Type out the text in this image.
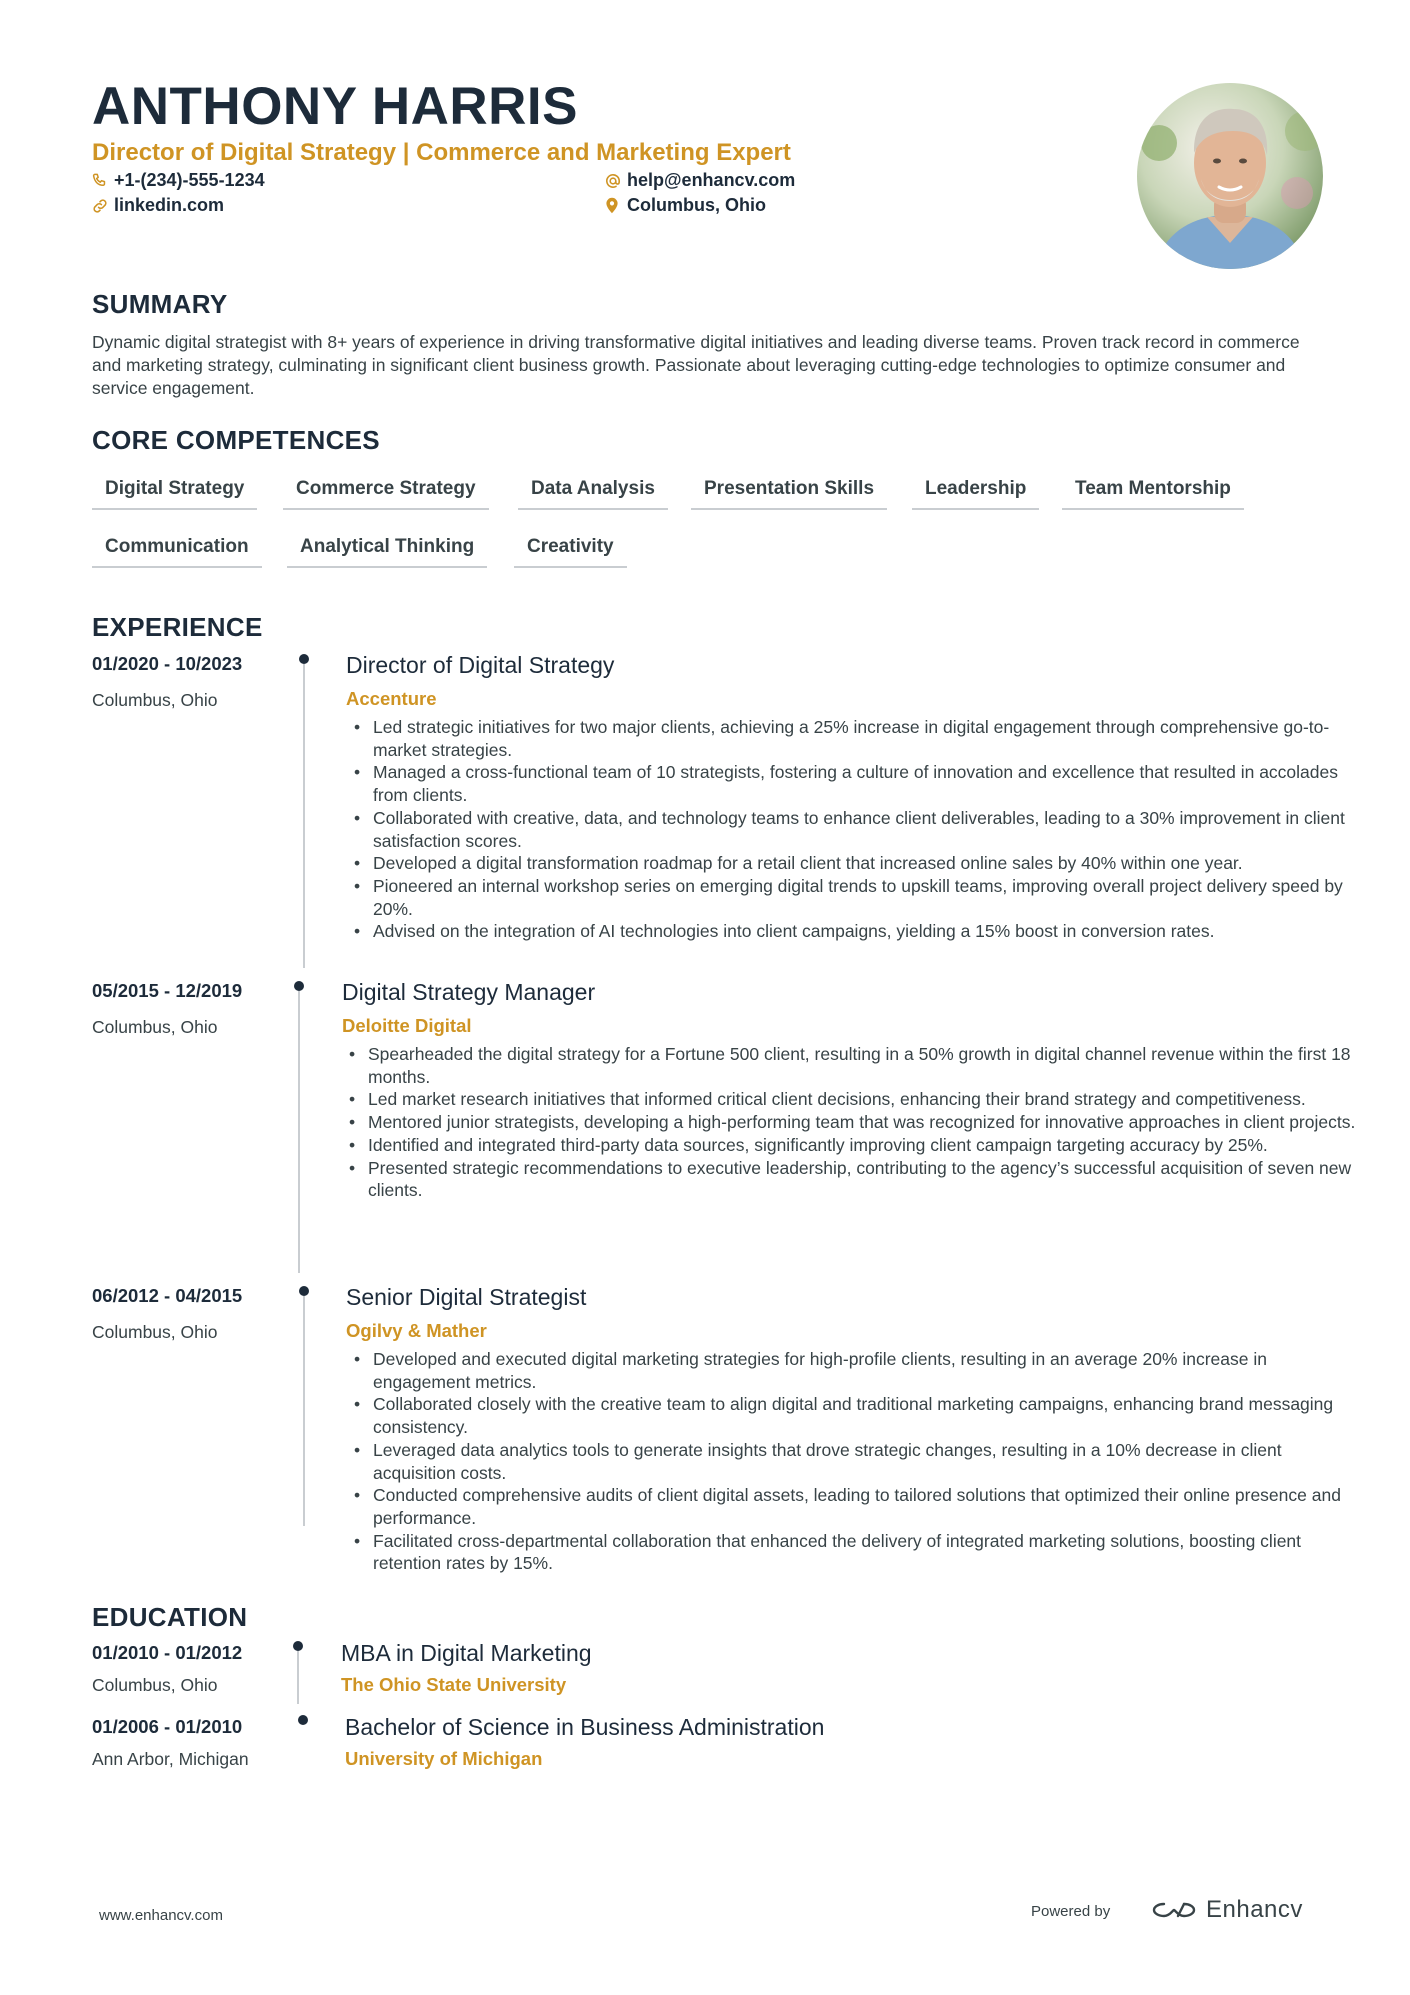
ANTHONY HARRIS
Director of Digital Strategy | Commerce and Marketing Expert
+1-(234)-555-1234	help@enhancv.com
linkedin.com	Columbus, Ohio
SUMMARY
Dynamic digital strategist with 8+ years of experience in driving transformative digital initiatives and leading diverse teams. Proven track record in commerce and marketing strategy, culminating in significant client business growth. Passionate about leveraging cutting-edge technologies to optimize consumer and service engagement.
CORE COMPETENCES
Digital Strategy	Commerce Strategy	Data Analysis	Presentation Skills	Leadership	Team Mentorship
Communication	Analytical Thinking	Creativity
EXPERIENCE
01/2020 - 10/2023
Columbus, Ohio
Director of Digital Strategy
Accenture
• Led strategic initiatives for two major clients, achieving a 25% increase in digital engagement through comprehensive go-to-market strategies.
• Managed a cross-functional team of 10 strategists, fostering a culture of innovation and excellence that resulted in accolades from clients.
• Collaborated with creative, data, and technology teams to enhance client deliverables, leading to a 30% improvement in client satisfaction scores.
• Developed a digital transformation roadmap for a retail client that increased online sales by 40% within one year.
• Pioneered an internal workshop series on emerging digital trends to upskill teams, improving overall project delivery speed by 20%.
• Advised on the integration of AI technologies into client campaigns, yielding a 15% boost in conversion rates.
05/2015 - 12/2019
Columbus, Ohio
Digital Strategy Manager
Deloitte Digital
• Spearheaded the digital strategy for a Fortune 500 client, resulting in a 50% growth in digital channel revenue within the first 18 months.
• Led market research initiatives that informed critical client decisions, enhancing their brand strategy and competitiveness.
• Mentored junior strategists, developing a high-performing team that was recognized for innovative approaches in client projects.
• Identified and integrated third-party data sources, significantly improving client campaign targeting accuracy by 25%.
• Presented strategic recommendations to executive leadership, contributing to the agency’s successful acquisition of seven new clients.
06/2012 - 04/2015
Columbus, Ohio
Senior Digital Strategist
Ogilvy & Mather
• Developed and executed digital marketing strategies for high-profile clients, resulting in an average 20% increase in engagement metrics.
• Collaborated closely with the creative team to align digital and traditional marketing campaigns, enhancing brand messaging consistency.
• Leveraged data analytics tools to generate insights that drove strategic changes, resulting in a 10% decrease in client acquisition costs.
• Conducted comprehensive audits of client digital assets, leading to tailored solutions that optimized their online presence and performance.
• Facilitated cross-departmental collaboration that enhanced the delivery of integrated marketing solutions, boosting client retention rates by 15%.
EDUCATION
01/2010 - 01/2012
Columbus, Ohio
MBA in Digital Marketing
The Ohio State University
01/2006 - 01/2010
Ann Arbor, Michigan
Bachelor of Science in Business Administration
University of Michigan
www.enhancv.com	Powered by	Enhancv
